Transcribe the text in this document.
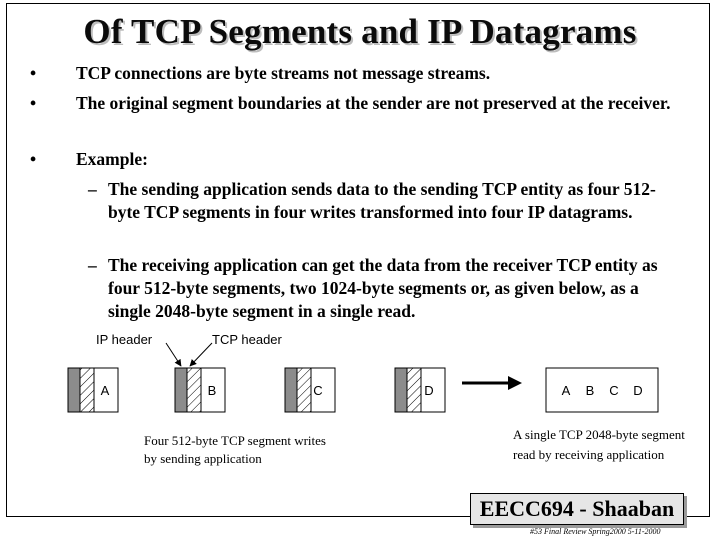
Of TCP Segments and IP Datagrams
• TCP connections are byte streams not message streams.
• The original segment boundaries at the sender are not preserved at the receiver.
• Example:
– The sending application sends data to the sending TCP entity as four 512-byte TCP segments in four writes transformed into four IP datagrams.
– The receiving application can get the data from the receiver TCP entity as four 512-byte segments, two 1024-byte segments or, as given below, as a single 2048-byte segment in a single read.
IP header	TCP header
A	B	C	D	A B C D
Four 512-byte TCP segment writes by sending application
A single TCP 2048-byte segment read by receiving application
EECC694 - Shaaban
#53 Final Review Spring2000 5-11-2000
